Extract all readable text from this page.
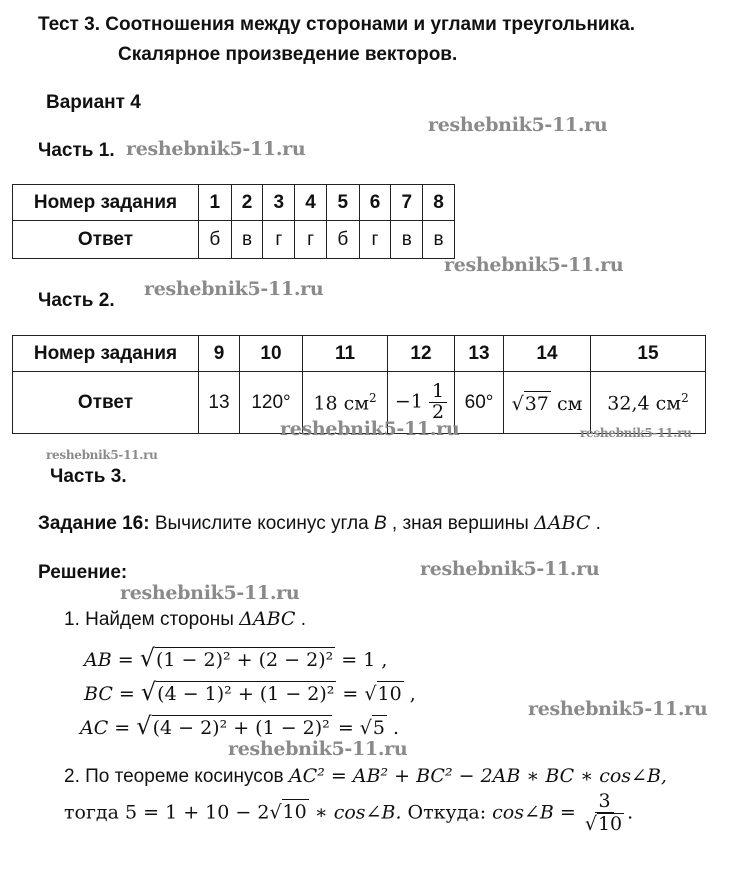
Тест 3. Соотношения между сторонами и углами треугольника.
Скалярное произведение векторов.
Вариант 4
Часть 1.
Номер задания	1	2	3	4	5	6	7	8
Ответ	б	в	г	г	б	г	в	в
Часть 2.
Номер задания	9	10	11	12	13	14	15
Ответ	13	120°	18 $см^2$	$-1 \frac{1}{2}$	60°	√37 см	32,4 $см^2$
Часть 3.
Задание 16: Вычислите косинус угла B , зная вершины ΔABC .
Решение:
1. Найдем стороны ΔABC .
AB = √(1 − 2)² + (2 − 2)² = 1 ,
BC = √(4 − 1)² + (1 − 2)² = √10 ,
AC = √(4 − 2)² + (1 − 2)² = √5 .
2. По теореме косинусов AC² = AB² + BC² − 2AB ∗ BC ∗ cos∠B,
тогда 5 = 1 + 10 − 2√10 ∗ cos∠B. Откуда: cos∠B = $\frac{3}{√10}$ .
reshebnik5-11.ru
reshebnik5-11.ru
reshebnik5-11.ru
reshebnik5-11.ru
reshebnik5-11.ru	reshebnik5-11.ru
reshebnik5-11.ru
reshebnik5-11.ru
reshebnik5-11.ru
reshebnik5-11.ru
reshebnik5-11.ru
